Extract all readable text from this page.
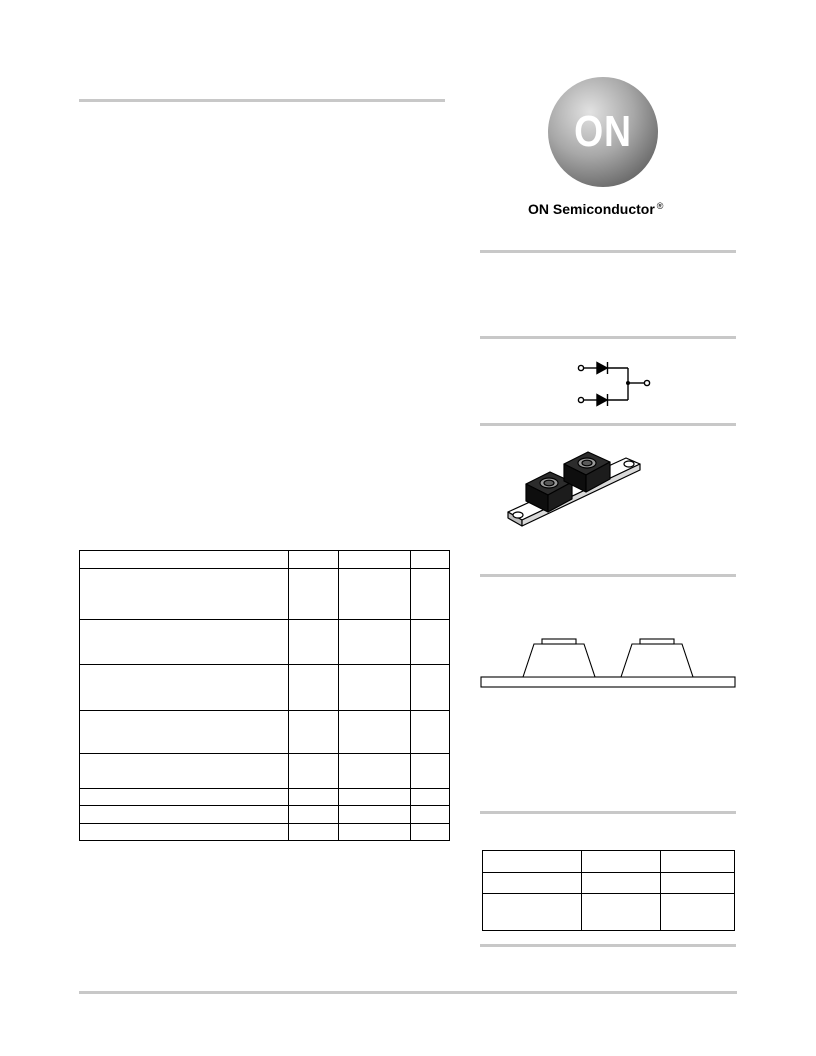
ON
ON Semiconductor ®
